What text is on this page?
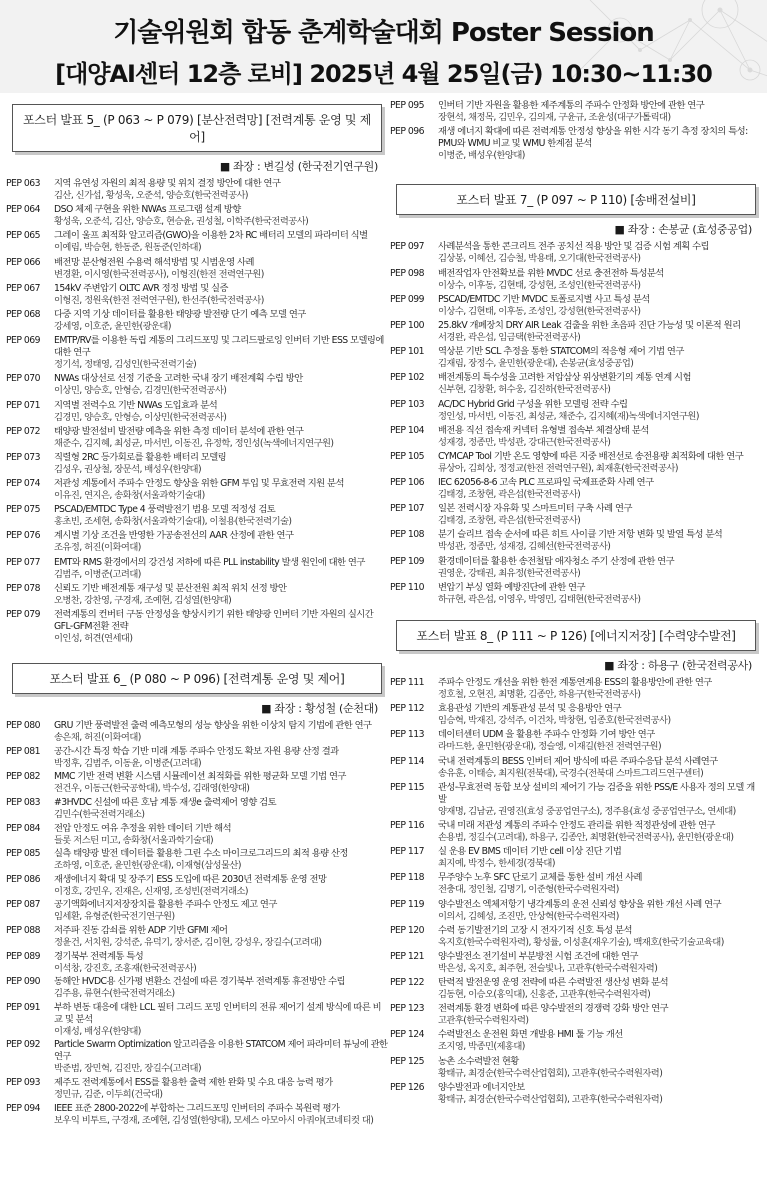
기술위원회 합동 춘계학술대회 Poster Session
[대양AI센터 12층 로비] 2025년 4월 25일(금) 10:30~11:30
포스터 발표 5_ (P 063 ~ P 079) [분산전력망] [전력계통 운영 및 제어]
■ 좌장 : 변길성 (한국전기연구원)
PEP 063	지역 유연성 자원의 최적 용량 및 위치 결정 방안에 대한 연구
김산, 신가섭, 황성욱, 오준석, 양승호(한국전력공사)
PEP 064	DSO 체제 구현을 위한 NWAs 프로그램 설계 방향
황성욱, 오준석, 김산, 양승호, 현승윤, 권성철, 이학주(한국전력공사)
PEP 065	그레이 울프 최적화 알고리즘(GWO)을 이용한 2차 RC 배터리 모델의 파라미터 식별
이예림, 박승현, 한동준, 원동준(인하대)
PEP 066	배전망 분산형전원 수용력 해석방법 및 시범운영 사례
변경환, 이시영(한국전력공사), 이형진(한전 전력연구원)
PEP 067	154kV 주변압기 OLTC AVR 정정 방법 및 실증
이형진, 정원욱(한전 전력연구원), 한선주(한국전력공사)
PEP 068	다중 지역 기상 데이터를 활용한 태양광 발전량 단기 예측 모델 연구
강세영, 이호준, 윤민한(광운대)
PEP 069	EMTP/RV를 이용한 독립 계통의 그리드포밍 및 그리드팔로잉 인버터 기반 ESS 모델링에 대한 연구
정기석, 정태영, 김성인(한국전력기술)
PEP 070	NWAs 대상선로 선정 기준을 고려한 국내 장기 배전계획 수립 방안
이상민, 양승호, 안형승, 김경민(한국전력공사)
PEP 071	지역별 전력수요 기반 NWAs 도입효과 분석
김경민, 양승호, 안형승, 이상민(한국전력공사)
PEP 072	태양광 발전설비 발전량 예측을 위한 측정 데이터 분석에 관한 연구
채준수, 김지혜, 최성균, 마서빈, 이동진, 유정학, 정인성(녹색에너지연구원)
PEP 073	직렬형 2RC 등가회로를 활용한 배터리 모델링
김성우, 권상철, 장문석, 배성우(한양대)
PEP 074	저관성 계통에서 주파수 안정도 향상을 위한 GFM 투입 및 무효전력 지원 분석
이유진, 연지은, 송화창(서울과학기술대)
PEP 075	PSCAD/EMTDC Type 4 풍력발전기 범용 모델 적정성 검토
홍초빈, 조세현, 송화창(서울과학기술대), 이철용(한국전력기술)
PEP 076	계시별 기상 조건을 반영한 가공송전선의 AAR 산정에 관한 연구
조유정, 허진(이화여대)
PEP 077	EMT와 RMS 환경에서의 강건성 저하에 따른 PLL instability 발생 원인에 대한 연구
김범주, 이병준(고려대)
PEP 078	신뢰도 기반 배전계통 재구성 및 분산전원 최적 위치 선정 방안
오병찬, 강찬영, 구경재, 조예현, 김성열(한양대)
PEP 079	전력계통의 컨버터 구동 안정성을 향상시키기 위한 태양광 인버터 기반 자원의 실시간 GFL-GFM전환 전략
이인성, 허견(연세대)
포스터 발표 6_ (P 080 ~ P 096) [전력계통 운영 및 제어]
■ 좌장 : 황성철 (순천대)
PEP 080	GRU 기반 풍력발전 출력 예측모형의 성능 향상을 위한 이상치 탐지 기법에 관한 연구
송은채, 허진(이화여대)
PEP 081	공간-시간 특징 학습 기반 미래 계통 주파수 안정도 확보 자원 용량 산정 결과
박정후, 김범주, 이동윤, 이병준(고려대)
PEP 082	MMC 기반 전력 변환 시스템 시뮬레이션 최적화를 위한 평균화 모델 기법 연구
전건우, 이동근(한국공학대), 박수성, 김래영(한양대)
PEP 083	#3HVDC 신설에 따른 호남 계통 재생e 출력제어 영향 검토
김민수(한국전력거래소)
PEP 084	전압 안정도 여유 추정을 위한 데이터 기반 해석
들롯 저스틴 미고, 송화창(서울과학기술대)
PEP 085	실측 태양광 발전 데이터를 활용한 그린 수소 마이크로그리드의 최적 용량 산정
조하영, 이호준, 윤민한(광운대), 이재형(삼성물산)
PEP 086	재생에너지 확대 및 장주기 ESS 도입에 따른 2030년 전력계통 운영 전망
이정호, 강민우, 진재은, 신재영, 조성빈(전력거래소)
PEP 087	공기액화에너지저장장치를 활용한 주파수 안정도 제고 연구
임세환, 유형준(한국전기연구원)
PEP 088	저주파 진동 감쇠를 위한 ADP 기반 GFMI 제어
정윤건, 서치원, 강석준, 유덕기, 장서준, 김이현, 강성우, 장길수(고려대)
PEP 089	경기북부 전력계통 특성
이석창, 강진호, 조홍재(한국전력공사)
PEP 090	동해안 HVDC용 신가평 변환소 건설에 따른 경기북부 전력계통 휴전방안 수립
김주용, 류현수(한국전력거래소)
PEP 091	부하 변동 대응에 대한 LCL 필터 그리드 포밍 인버터의 전류 제어기 설계 방식에 따른 비교 및 분석
이재성, 배성우(한양대)
PEP 092	Particle Swarm Optimization 알고리즘을 이용한 STATCOM 제어 파라미터 튜닝에 관한 연구
박준범, 장민혁, 김진만, 장길수(고려대)
PEP 093	제주도 전력계통에서 ESS를 활용한 출력 제한 완화 및 수요 대응 능력 평가
정민규, 김준, 이두희(건국대)
PEP 094	IEEE 표준 2800-2022에 부합하는 그리드포밍 인버터의 주파수 복원력 평가
보우익 비투트, 구경재, 조예현, 김성열(한양대), 모세스 아모아시 아쿼야(코네티컷 대)
PEP 095	인버터 기반 자원을 활용한 제주계통의 주파수 안정화 방안에 관한 연구
장현석, 채정목, 김민우, 김의재, 구윤규, 조윤성(대구가톨릭대)
PEP 096	재생 에너지 확대에 따른 전력계통 안정성 향상을 위한 시각 동기 측정 장치의 특성: PMU와 WMU 비교 및 WMU 한계점 분석
이병준, 배성우(한양대)
포스터 발표 7_ (P 097 ~ P 110) [송배전설비]
■ 좌장 : 손봉균 (효성중공업)
PEP 097	사례분석을 통한 콘크리트 전주 공치선 적용 방안 및 검증 시험 계획 수립
김상봉, 이혜선, 김승철, 박용태, 오기대(한국전력공사)
PEP 098	배전작업자 안전확보를 위한 MVDC 선로 충전전하 특성분석
이상수, 이후동, 김현태, 강성현, 조성인(한국전력공사)
PEP 099	PSCAD/EMTDC 기반 MVDC 토폴로지별 사고 특성 분석
이상수, 김현태, 이후동, 조성인, 강성현(한국전력공사)
PEP 100	25.8kV 개폐장치 DRY AIR Leak 검출을 위한 초음파 진단 가능성 및 이론적 원리
서경완, 곽은섭, 임금택(한국전력공사)
PEP 101	역상분 기반 SCL 추정을 통한 STATCOM의 적응형 제어 기법 연구
김재림, 장정수, 윤민한(광운대), 손봉균(효성중공업)
PEP 102	배전계통의 특수성을 고려한 저압삼상 위상변환기의 계통 연계 시험
신부현, 김창환, 허수웅, 김진하(한국전력공사)
PEP 103	AC/DC Hybrid Grid 구성을 위한 모델링 전략 수립
정인성, 마서빈, 이동진, 최성균, 채준수, 김지혜(재)녹색에너지연구원)
PEP 104	배전용 직선 접속재 커넥터 유형별 접속부 체결상태 분석
성재경, 정종만, 박성관, 강대근(한국전력공사)
PEP 105	CYMCAP Tool 기반 온도 영향에 따른 지중 배전선로 송전용량 최적화에 대한 연구
류상아, 김희상, 정정교(한전 전력연구원), 최재훈(한국전력공사)
PEP 106	IEC 62056-8-6 고속 PLC 프로파일 국제표준화 사례 연구
김태경, 조창현, 곽은섭(한국전력공사)
PEP 107	일본 전력시장 자유화 및 스마트미터 구축 사례 연구
김태경, 조창현, 곽은섭(한국전력공사)
PEP 108	분기 슬리브 접속 순서에 따른 히트 사이클 기반 저항 변화 및 발열 특성 분석
박성관, 정종만, 성재경, 김혜선(한국전력공사)
PEP 109	환경데이터를 활용한 송전철탑 애자청소 주기 산정에 관한 연구
권영운, 강태권, 최유정(한국전력공사)
PEP 110	변압기 부싱 열화 예방진단에 관한 연구
하규현, 곽은섭, 이영우, 박영민, 김태현(한국전력공사)
포스터 발표 8_ (P 111 ~ P 126) [에너지저장] [수력양수발전]
■ 좌장 : 하용구 (한국전력공사)
PEP 111	주파수 안정도 개선을 위한 한전 계통연계용 ESS의 활용방안에 관한 연구
정호철, 오현진, 최명환, 김종안, 하용구(한국전력공사)
PEP 112	효용관성 기반의 계통관성 분석 및 응용방안 연구
임승혁, 박재진, 강석주, 이건차, 박창현, 임종호(한국전력공사)
PEP 113	데이터센터 UDM 을 활용한 주파수 안정화 기여 방안 연구
라마드한, 윤민한(광운대), 정슬엥, 이재길(한전 전력연구원)
PEP 114	국내 전력계통의 BESS 인버터 제어 방식에 따른 주파수응답 분석 사례연구
송유훈, 이태승, 최지원(전북대), 국경수(전북대 스마트그리드연구센터)
PEP 115	관성-무효전력 동합 보상 설비의 제어기 가능 검증을 위한 PSS/E 사용자 정의 모델 개발
양재명, 김남균, 권영진(효성 중공업연구소), 정주용(효성 중공업연구소, 연세대)
PEP 116	국내 미래 저관성 계통의 주파수 안정도 관리를 위한 적정관성에 관한 연구
손용범, 정길수(고려대), 하용구, 김종안, 최명환(한국전력공사), 윤민한(광운대)
PEP 117	실 운용 EV BMS 데이터 기반 cell 이상 진단 기법
최지예, 박정수, 한세경(경북대)
PEP 118	무주양수 노후 SFC 단로기 교체를 통한 설비 개선 사례
전충대, 정인철, 김명기, 이준형(한국수력원자력)
PEP 119	양수발전소 엑체저항기 냉각계통의 운전 신뢰성 향상을 위한 개선 사례 연구
이의서, 김혜성, 조진만, 안상혁(한국수력원자력)
PEP 120	수력 동기발전기의 고장 시 전자기적 신호 특성 분석
옥지호(한국수력원자력), 황성률, 이성훈(재우기술), 백재호(한국기술교육대)
PEP 121	양수발전소 전기설비 부분방전 시험 조건에 대한 연구
박은성, 옥지호, 최주현, 전슬빛나, 고관후(한국수력원자력)
PEP 122	탄력적 발전운영 운영 전략에 따른 수력발전 생산성 변화 분석
김동현, 이승오(홍익대), 신홍준, 고관후(한국수력원자력)
PEP 123	전력계통 환경 변화에 따른 양수발전의 경쟁력 강화 방안 연구
고관후(한국수력원자력)
PEP 124	수력발전소 운전원 화면 개발용 HMI 툴 기능 개선
조지영, 박종민(제홍대)
PEP 125	농촌 소수력발전 현황
황태규, 최경순(한국수력산업협회), 고관후(한국수력원자력)
PEP 126	양수발전과 에너지안보
황태규, 최경순(한국수력산업협회), 고관후(한국수력원자력)
